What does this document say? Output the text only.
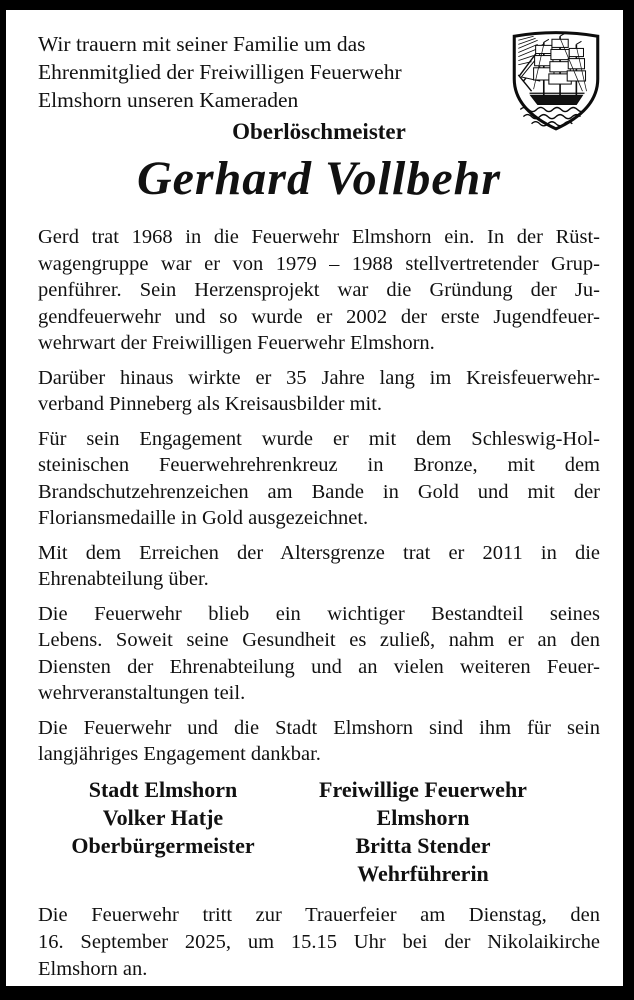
Wir trauern mit seiner Familie um das
Ehrenmitglied der Freiwilligen Feuerwehr
Elmshorn unseren Kameraden
Oberlöschmeister
Gerhard Vollbehr
Gerd trat 1968 in die Feuerwehr Elmshorn ein. In der Rüst-
wagengruppe war er von 1979 – 1988 stellvertretender Grup-
penführer. Sein Herzensprojekt war die Gründung der Ju-
gendfeuerwehr und so wurde er 2002 der erste Jugendfeuer-
wehrwart der Freiwilligen Feuerwehr Elmshorn.
Darüber hinaus wirkte er 35 Jahre lang im Kreisfeuerwehr-
verband Pinneberg als Kreisausbilder mit.
Für sein Engagement wurde er mit dem Schleswig-Hol-
steinischen Feuerwehrehrenkreuz in Bronze, mit dem
Brandschutzehrenzeichen am Bande in Gold und mit der
Floriansmedaille in Gold ausgezeichnet.
Mit dem Erreichen der Altersgrenze trat er 2011 in die
Ehrenabteilung über.
Die Feuerwehr blieb ein wichtiger Bestandteil seines
Lebens. Soweit seine Gesundheit es zuließ, nahm er an den
Diensten der Ehrenabteilung und an vielen weiteren Feuer-
wehrveranstaltungen teil.
Die Feuerwehr und die Stadt Elmshorn sind ihm für sein
langjähriges Engagement dankbar.
Stadt Elmshorn
Volker Hatje
Oberbürgermeister
Freiwillige Feuerwehr
Elmshorn
Britta Stender
Wehrführerin
Die Feuerwehr tritt zur Trauerfeier am Dienstag, den
16. September 2025, um 15.15 Uhr bei der Nikolaikirche
Elmshorn an.
